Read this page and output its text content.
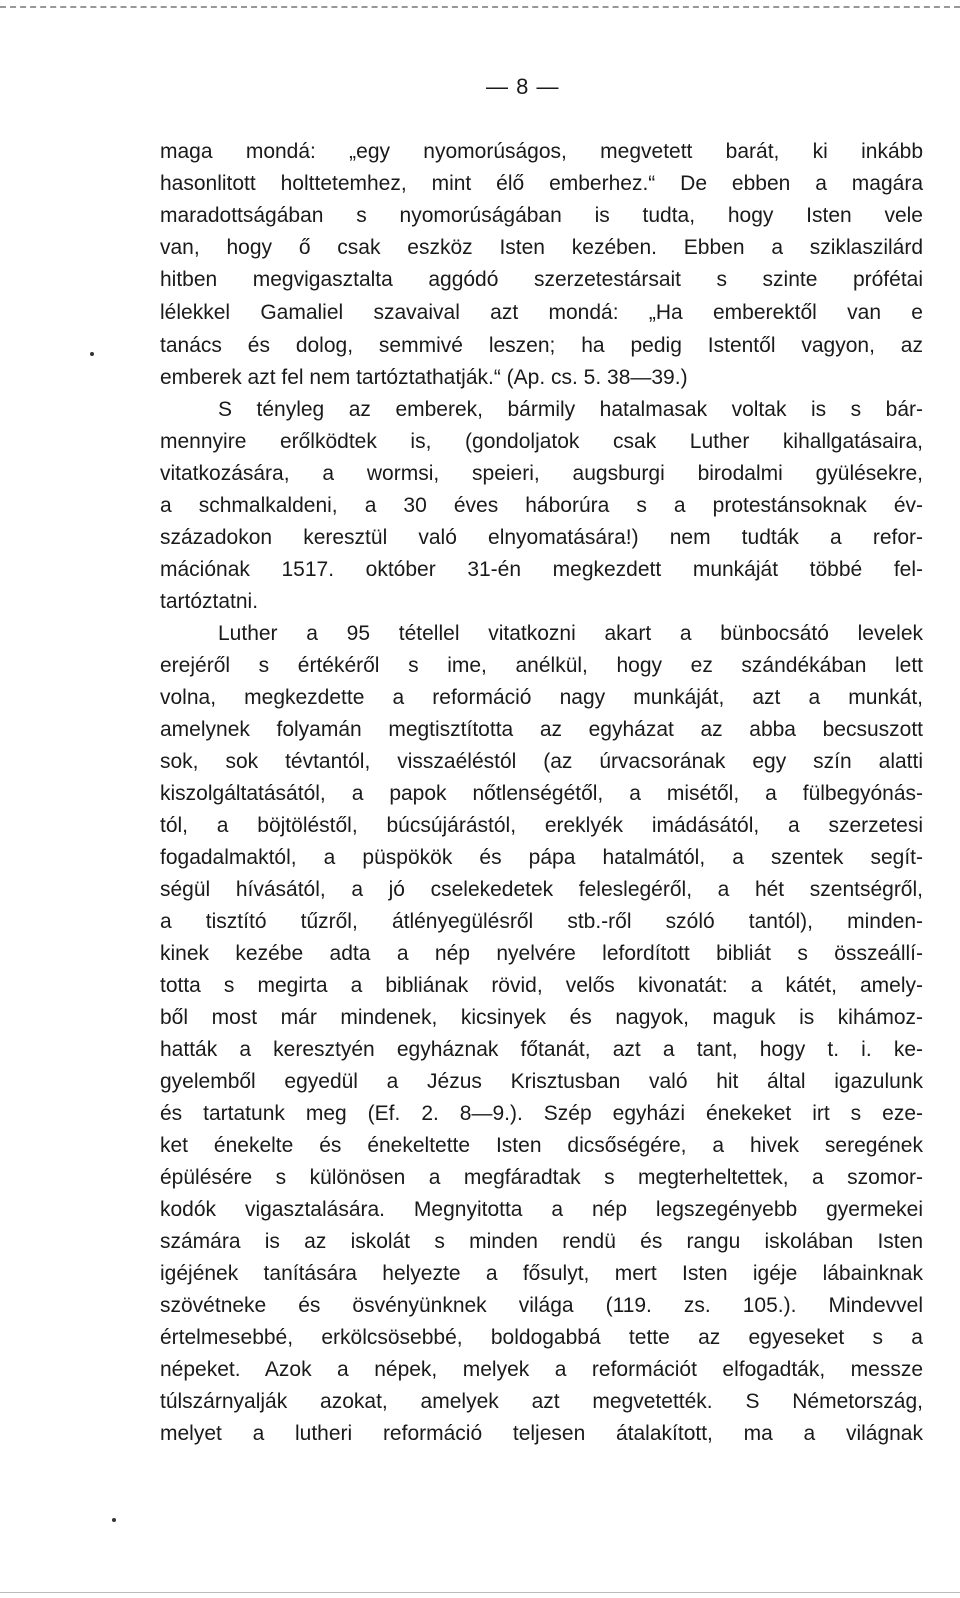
— 8 —
maga mondá: „egy nyomorúságos, megvetett barát, ki inkább
hasonlitott holttetemhez, mint élő emberhez.“ De ebben a magára
maradottságában s nyomorúságában is tudta, hogy Isten vele
van, hogy ő csak eszköz Isten kezében. Ebben a sziklaszilárd
hitben megvigasztalta aggódó szerzetestársait s szinte prófétai
lélekkel Gamaliel szavaival azt mondá: „Ha emberektől van e
tanács és dolog, semmivé leszen; ha pedig Istentől vagyon, az
emberek azt fel nem tartóztathatják.“ (Ap. cs. 5. 38—39.)
S tényleg az emberek, bármily hatalmasak voltak is s bár-
mennyire erőlködtek is, (gondoljatok csak Luther kihallgatásaira,
vitatkozására, a wormsi, speieri, augsburgi birodalmi gyülésekre,
a schmalkaldeni, a 30 éves háborúra s a protestánsoknak év-
századokon keresztül való elnyomatására!) nem tudták a refor-
mációnak 1517. október 31-én megkezdett munkáját többé fel-
tartóztatni.
Luther a 95 tétellel vitatkozni akart a bünbocsátó levelek
erejéről s értékéről s ime, anélkül, hogy ez szándékában lett
volna, megkezdette a reformáció nagy munkáját, azt a munkát,
amelynek folyamán megtisztította az egyházat az abba becsuszott
sok, sok tévtantól, visszaéléstól (az úrvacsorának egy szín alatti
kiszolgáltatásától, a papok nőtlenségétől, a misétől, a fülbegyónás-
tól, a böjtöléstől, búcsújárástól, ereklyék imádásától, a szerzetesi
fogadalmaktól, a püspökök és pápa hatalmától, a szentek segít-
ségül hívásától, a jó cselekedetek feleslegéről, a hét szentségről,
a tisztító tűzről, átlényegülésről stb.-ről szóló tantól), minden-
kinek kezébe adta a nép nyelvére lefordított bibliát s összeállí-
totta s megirta a bibliának rövid, velős kivonatát: a kátét, amely-
ből most már mindenek, kicsinyek és nagyok, maguk is kihámoz-
hatták a keresztyén egyháznak főtanát, azt a tant, hogy t. i. ke-
gyelemből egyedül a Jézus Krisztusban való hit által igazulunk
és tartatunk meg (Ef. 2. 8—9.). Szép egyházi énekeket irt s eze-
ket énekelte és énekeltette Isten dicsőségére, a hivek seregének
épülésére s különösen a megfáradtak s megterheltettek, a szomor-
kodók vigasztalására. Megnyitotta a nép legszegényebb gyermekei
számára is az iskolát s minden rendü és rangu iskolában Isten
igéjének tanítására helyezte a fősulyt, mert Isten igéje lábainknak
szövétneke és ösvényünknek világa (119. zs. 105.). Mindevvel
értelmesebbé, erkölcsösebbé, boldogabbá tette az egyeseket s a
népeket. Azok a népek, melyek a reformációt elfogadták, messze
túlszárnyalják azokat, amelyek azt megvetették. S Németország,
melyet a lutheri reformáció teljesen átalakított, ma a világnak
